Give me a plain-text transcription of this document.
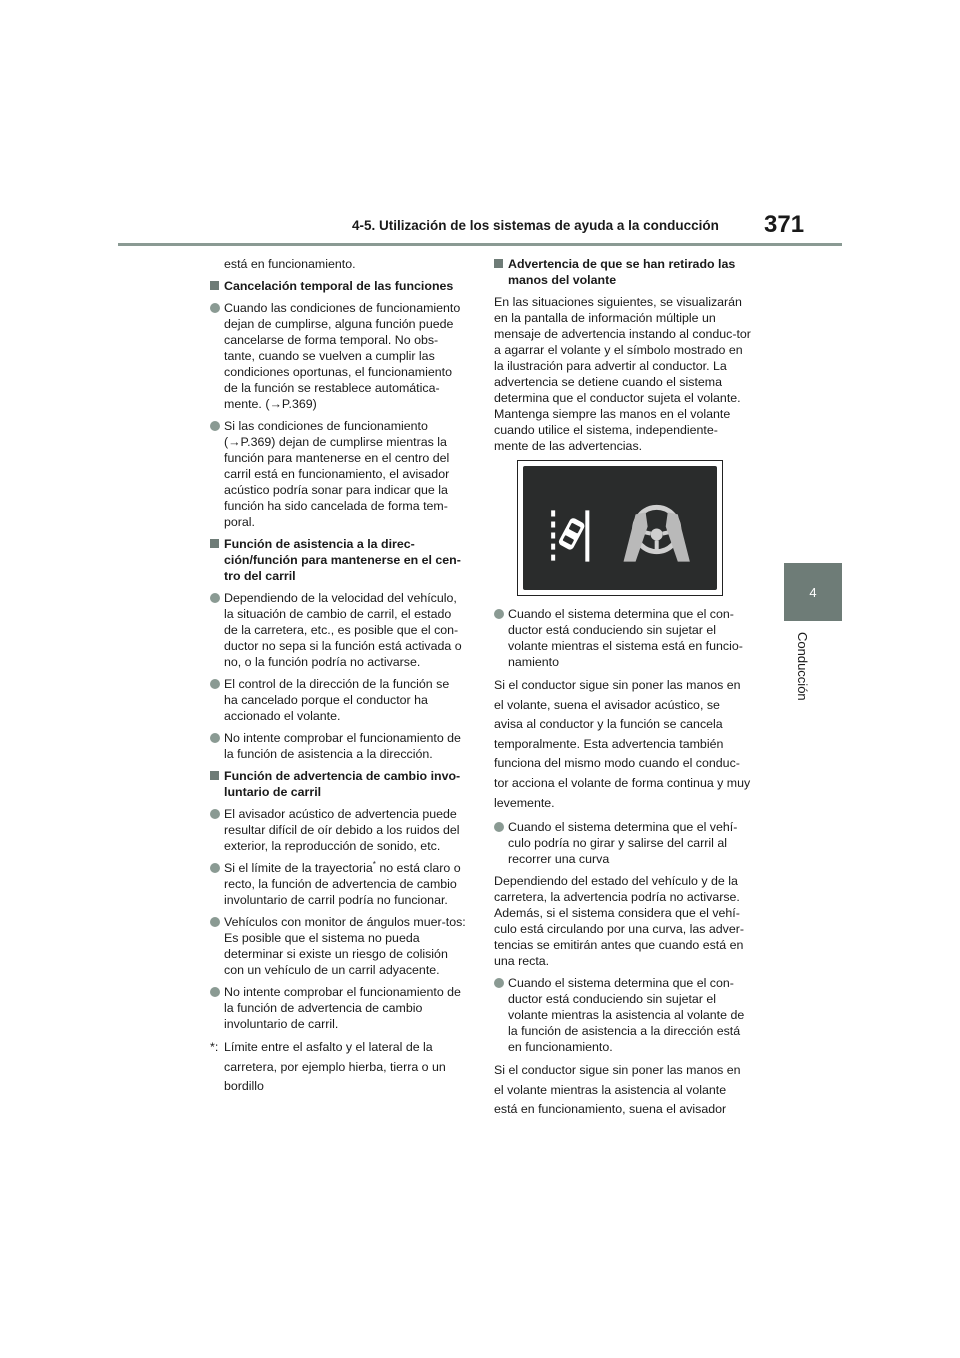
4-5. Utilización de los sistemas de ayuda a la conducción 371
4
Conducción

está en funcionamiento.

Cancelación temporal de las funciones

Cuando las condiciones de funcionamiento dejan de cumplirse, alguna función puede cancelarse de forma temporal. No obs-tante, cuando se vuelven a cumplir las condiciones oportunas, el funcionamiento de la función se restablece automática-mente. (→P.369)

Si las condiciones de funcionamiento (→P.369) dejan de cumplirse mientras la función para mantenerse en el centro del carril está en funcionamiento, el avisador acústico podría sonar para indicar que la función ha sido cancelada de forma tem-poral.

Función de asistencia a la direc-ción/función para mantenerse en el cen-tro del carril

Dependiendo de la velocidad del vehículo, la situación de cambio de carril, el estado de la carretera, etc., es posible que el con-ductor no sepa si la función está activada o no, o la función podría no activarse.

El control de la dirección de la función se ha cancelado porque el conductor ha accionado el volante.

No intente comprobar el funcionamiento de la función de asistencia a la dirección.

Función de advertencia de cambio invo-luntario de carril

El avisador acústico de advertencia puede resultar difícil de oír debido a los ruidos del exterior, la reproducción de sonido, etc.

Si el límite de la trayectoria* no está claro o recto, la función de advertencia de cambio involuntario de carril podría no funcionar.

Vehículos con monitor de ángulos muer-tos: Es posible que el sistema no pueda determinar si existe un riesgo de colisión con un vehículo de un carril adyacente.

No intente comprobar el funcionamiento de la función de advertencia de cambio involuntario de carril.

*: Límite entre el asfalto y el lateral de la carretera, por ejemplo hierba, tierra o un bordillo

Advertencia de que se han retirado las manos del volante

En las situaciones siguientes, se visualizarán en la pantalla de información múltiple un mensaje de advertencia instando al conduc-tor a agarrar el volante y el símbolo mostrado en la ilustración para advertir al conductor. La advertencia se detiene cuando el sistema determina que el conductor sujeta el volante. Mantenga siempre las manos en el volante cuando utilice el sistema, independiente-mente de las advertencias.

Cuando el sistema determina que el con-ductor está conduciendo sin sujetar el volante mientras el sistema está en funcio-namiento

Si el conductor sigue sin poner las manos en el volante, suena el avisador acústico, se avisa al conductor y la función se cancela temporalmente. Esta advertencia también funciona del mismo modo cuando el conduc-tor acciona el volante de forma continua y muy levemente.

Cuando el sistema determina que el vehí-culo podría no girar y salirse del carril al recorrer una curva

Dependiendo del estado del vehículo y de la carretera, la advertencia podría no activarse. Además, si el sistema considera que el vehí-culo está circulando por una curva, las adver-tencias se emitirán antes que cuando está en una recta.

Cuando el sistema determina que el con-ductor está conduciendo sin sujetar el volante mientras la asistencia al volante de la función de asistencia a la dirección está en funcionamiento.

Si el conductor sigue sin poner las manos en el volante mientras la asistencia al volante está en funcionamiento, suena el avisador
